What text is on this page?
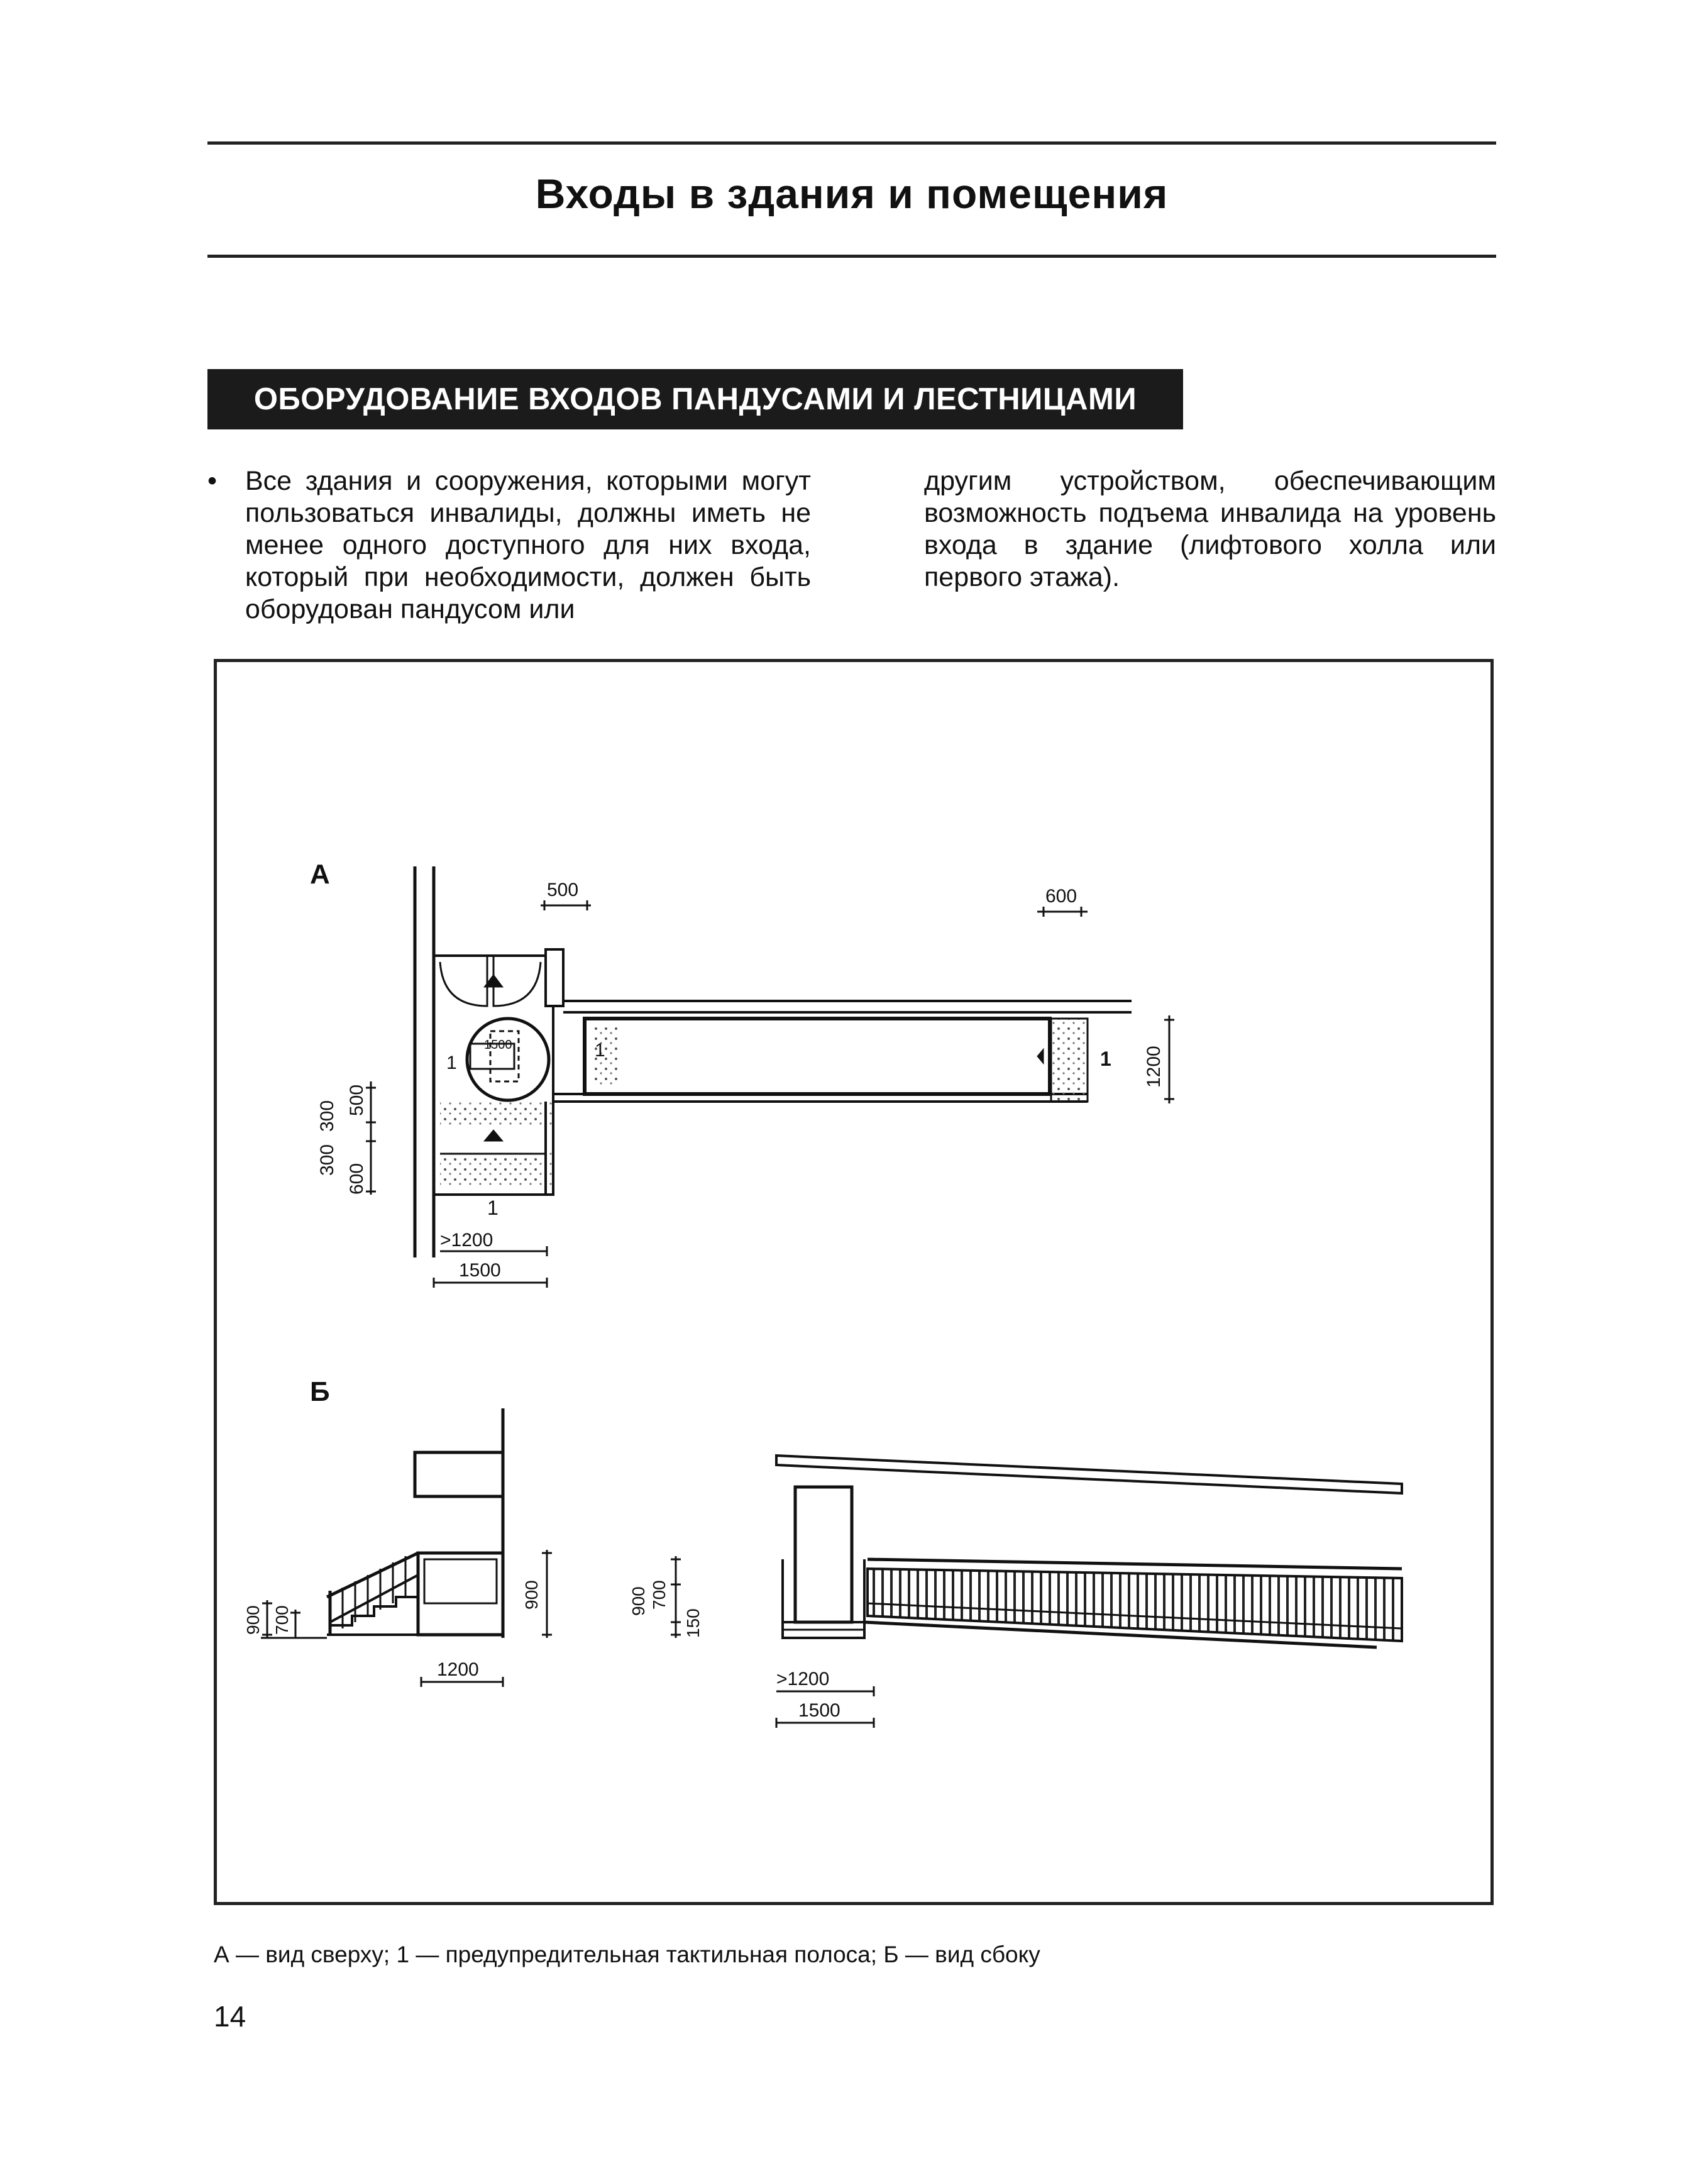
Входы в здания и помещения
ОБОРУДОВАНИЕ ВХОДОВ ПАНДУСАМИ И ЛЕСТНИЦАМИ
• Все здания и сооружения, которыми могут пользоваться инвалиды, должны иметь не менее одного доступного для них входа, который при необходимости, должен быть оборудован пандусом или
другим устройством, обеспечивающим возможность подъема инвалида на уровень входа в здание (лифтового холла или первого этажа).
А
500	600
1500
1200
300
300 500
600
>1200
1500
1
1	1
1
Б
900 700
1200
900	900 700
150
>1200
1500
А — вид сверху; 1 — предупредительная тактильная полоса; Б — вид сбоку
14
